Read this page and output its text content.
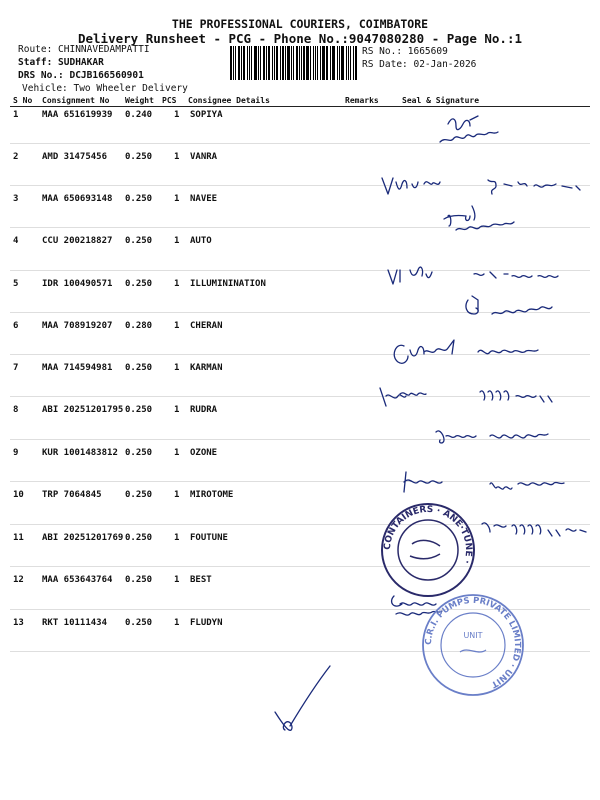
THE PROFESSIONAL COURIERS, COIMBATORE
Delivery Runsheet - PCG - Phone No.:9047080280 - Page No.:1
Route: CHINNAVEDAMPATTI
Staff: SUDHAKAR
DRS No.: DCJB166560901
Vehicle: Two Wheeler Delivery
RS No.: 1665609
RS Date: 02-Jan-2026
S No Consignment No Weight PCS Consignee Details	Remarks	Seal & Signature
1	MAA 651619939 0.240 1 SOPIYA
2	AMD 31475456 0.250 1 VANRA
3	MAA 650693148 0.250 1 NAVEE
4	CCU 200218827 0.250 1 AUTO
5	IDR 100490571 0.250 1 ILLUMININATION
6	MAA 708919207 0.280 1 CHERAN
7	MAA 714594981 0.250 1 KARMAN
8	ABI 20251201795 0.250 1 RUDRA
9	KUR 1001483812 0.250 1 OZONE
10 TRP 7064845	0.250 1 MIROTOME
11 ABI 20251201769 0.250 1 FOUTUNE
12 MAA 653643764 0.250 1 BEST
13 RKT 10111434 0.250 1 FLUDYN
CONTAINERS · ANE·TUNE ·
C.R.I. PUMPS PRIVATE LIMITED · UNIT
UNIT
